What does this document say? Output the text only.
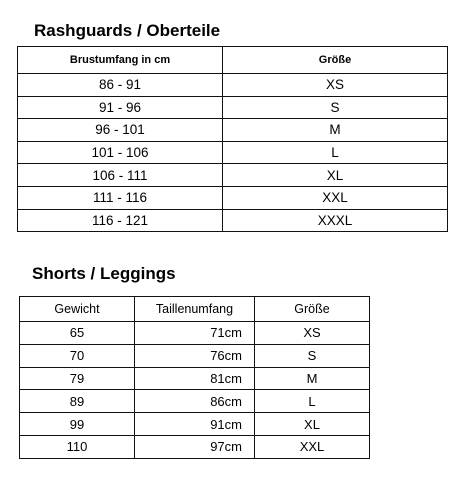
Rashguards / Oberteile
Brustumfang in cm	Größe
86 - 91	XS
91 - 96	S
96 - 101	M
101 - 106	L
106 - 111	XL
111 - 116	XXL
116 - 121	XXXL
Shorts / Leggings
Gewicht	Taillenumfang	Größe
65	71cm	XS
70	76cm	S
79	81cm	M
89	86cm	L
99	91cm	XL
110	97cm	XXL
